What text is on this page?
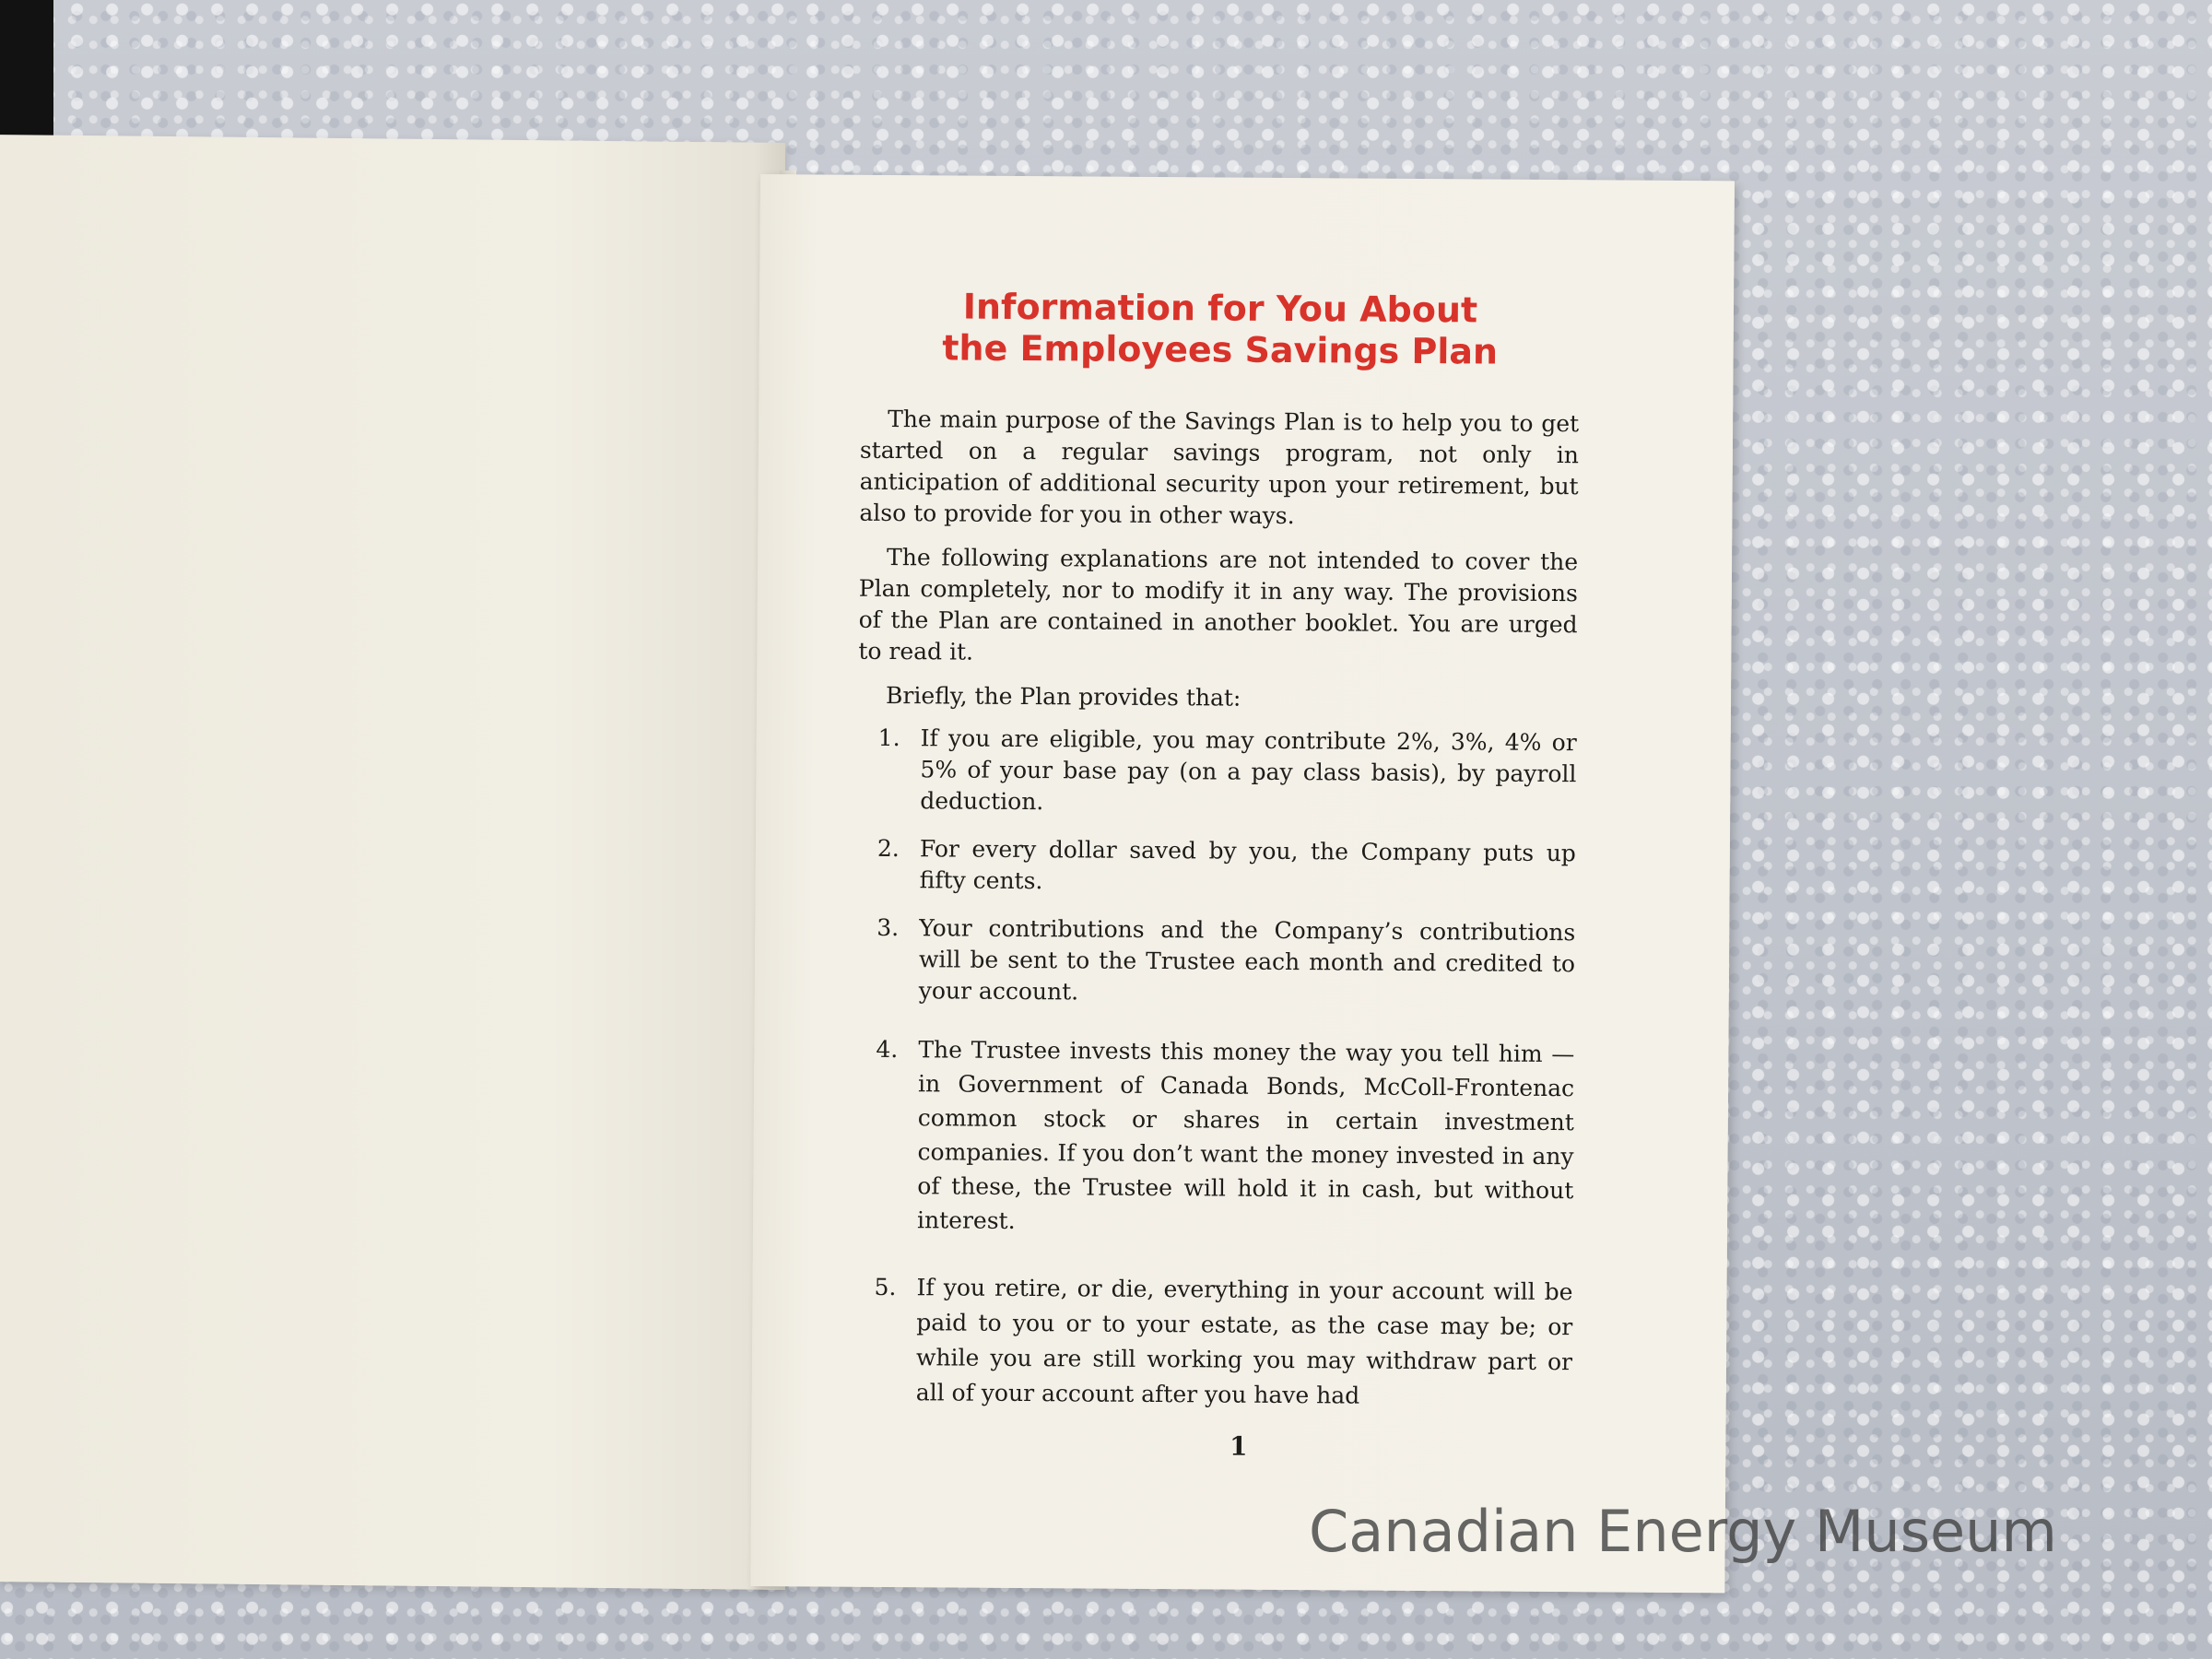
Information for You About
the Employees Savings Plan

The main purpose of the Savings Plan is to help you to get started on a regular savings program, not only in anticipation of additional security upon your retirement, but also to provide for you in other ways.

The following explanations are not intended to cover the Plan completely, nor to modify it in any way. The provisions of the Plan are contained in another booklet. You are urged to read it.

Briefly, the Plan provides that:

1. If you are eligible, you may contribute 2%, 3%, 4% or 5% of your base pay (on a pay class basis), by payroll deduction.
2. For every dollar saved by you, the Company puts up fifty cents.
3. Your contributions and the Company’s contributions will be sent to the Trustee each month and credited to your account.
4. The Trustee invests this money the way you tell him —in Government of Canada Bonds, McColl-Frontenac common stock or shares in certain investment companies. If you don’t want the money invested in any of these, the Trustee will hold it in cash, but without interest.
5. If you retire, or die, everything in your account will be paid to you or to your estate, as the case may be; or while you are still working you may withdraw part or all of your account after you have had
1
Canadian Energy Museum
